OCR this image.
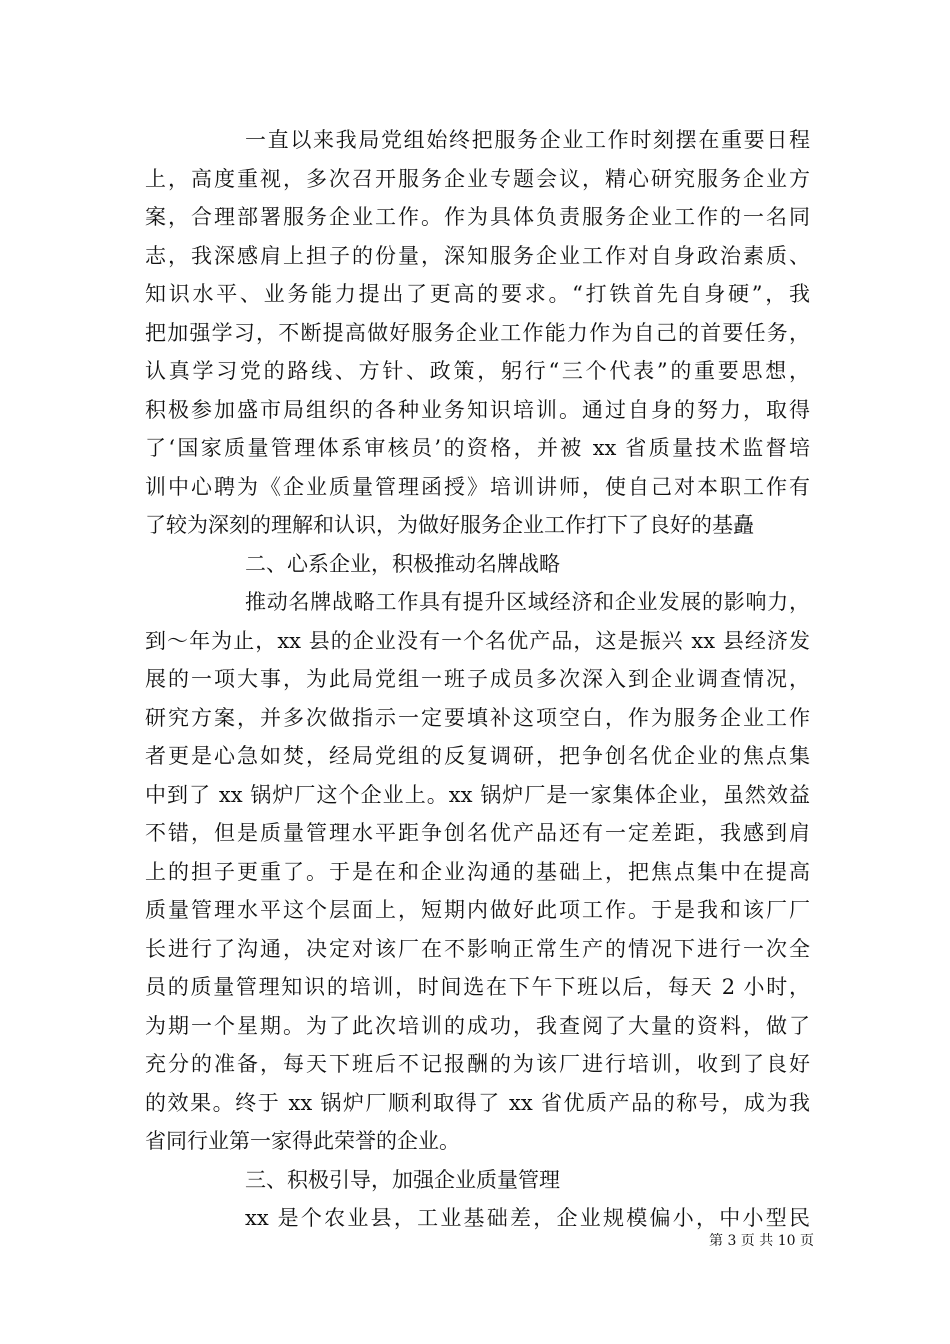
一直以来我局党组始终把服务企业工作时刻摆在重要日程
上，高度重视，多次召开服务企业专题会议，精心研究服务企业方
案，合理部署服务企业工作。作为具体负责服务企业工作的一名同
志，我深感肩上担子的份量，深知服务企业工作对自身政治素质、
知识水平、业务能力提出了更高的要求。“打铁首先自身硬”，我
把加强学习，不断提高做好服务企业工作能力作为自己的首要任务，
认真学习党的路线、方针、政策，躬行“三个代表”的重要思想，
积极参加盛市局组织的各种业务知识培训。通过自身的努力，取得
了‘国家质量管理体系审核员’的资格，并被 xx 省质量技术监督培
训中心聘为《企业质量管理函授》培训讲师，使自己对本职工作有
了较为深刻的理解和认识，为做好服务企业工作打下了良好的基矗
二、心系企业，积极推动名牌战略
推动名牌战略工作具有提升区域经济和企业发展的影响力，
到～年为止，xx 县的企业没有一个名优产品，这是振兴 xx 县经济发
展的一项大事，为此局党组一班子成员多次深入到企业调查情况，
研究方案，并多次做指示一定要填补这项空白，作为服务企业工作
者更是心急如焚，经局党组的反复调研，把争创名优企业的焦点集
中到了 xx 锅炉厂这个企业上。xx 锅炉厂是一家集体企业，虽然效益
不错，但是质量管理水平距争创名优产品还有一定差距，我感到肩
上的担子更重了。于是在和企业沟通的基础上，把焦点集中在提高
质量管理水平这个层面上，短期内做好此项工作。于是我和该厂厂
长进行了沟通，决定对该厂在不影响正常生产的情况下进行一次全
员的质量管理知识的培训，时间选在下午下班以后，每天 2 小时，
为期一个星期。为了此次培训的成功，我查阅了大量的资料，做了
充分的准备，每天下班后不记报酬的为该厂进行培训，收到了良好
的效果。终于 xx 锅炉厂顺利取得了 xx 省优质产品的称号，成为我
省同行业第一家得此荣誉的企业。
三、积极引导，加强企业质量管理
xx 是个农业县，工业基础差，企业规模偏小，中小型民
第 3 页 共 10 页
